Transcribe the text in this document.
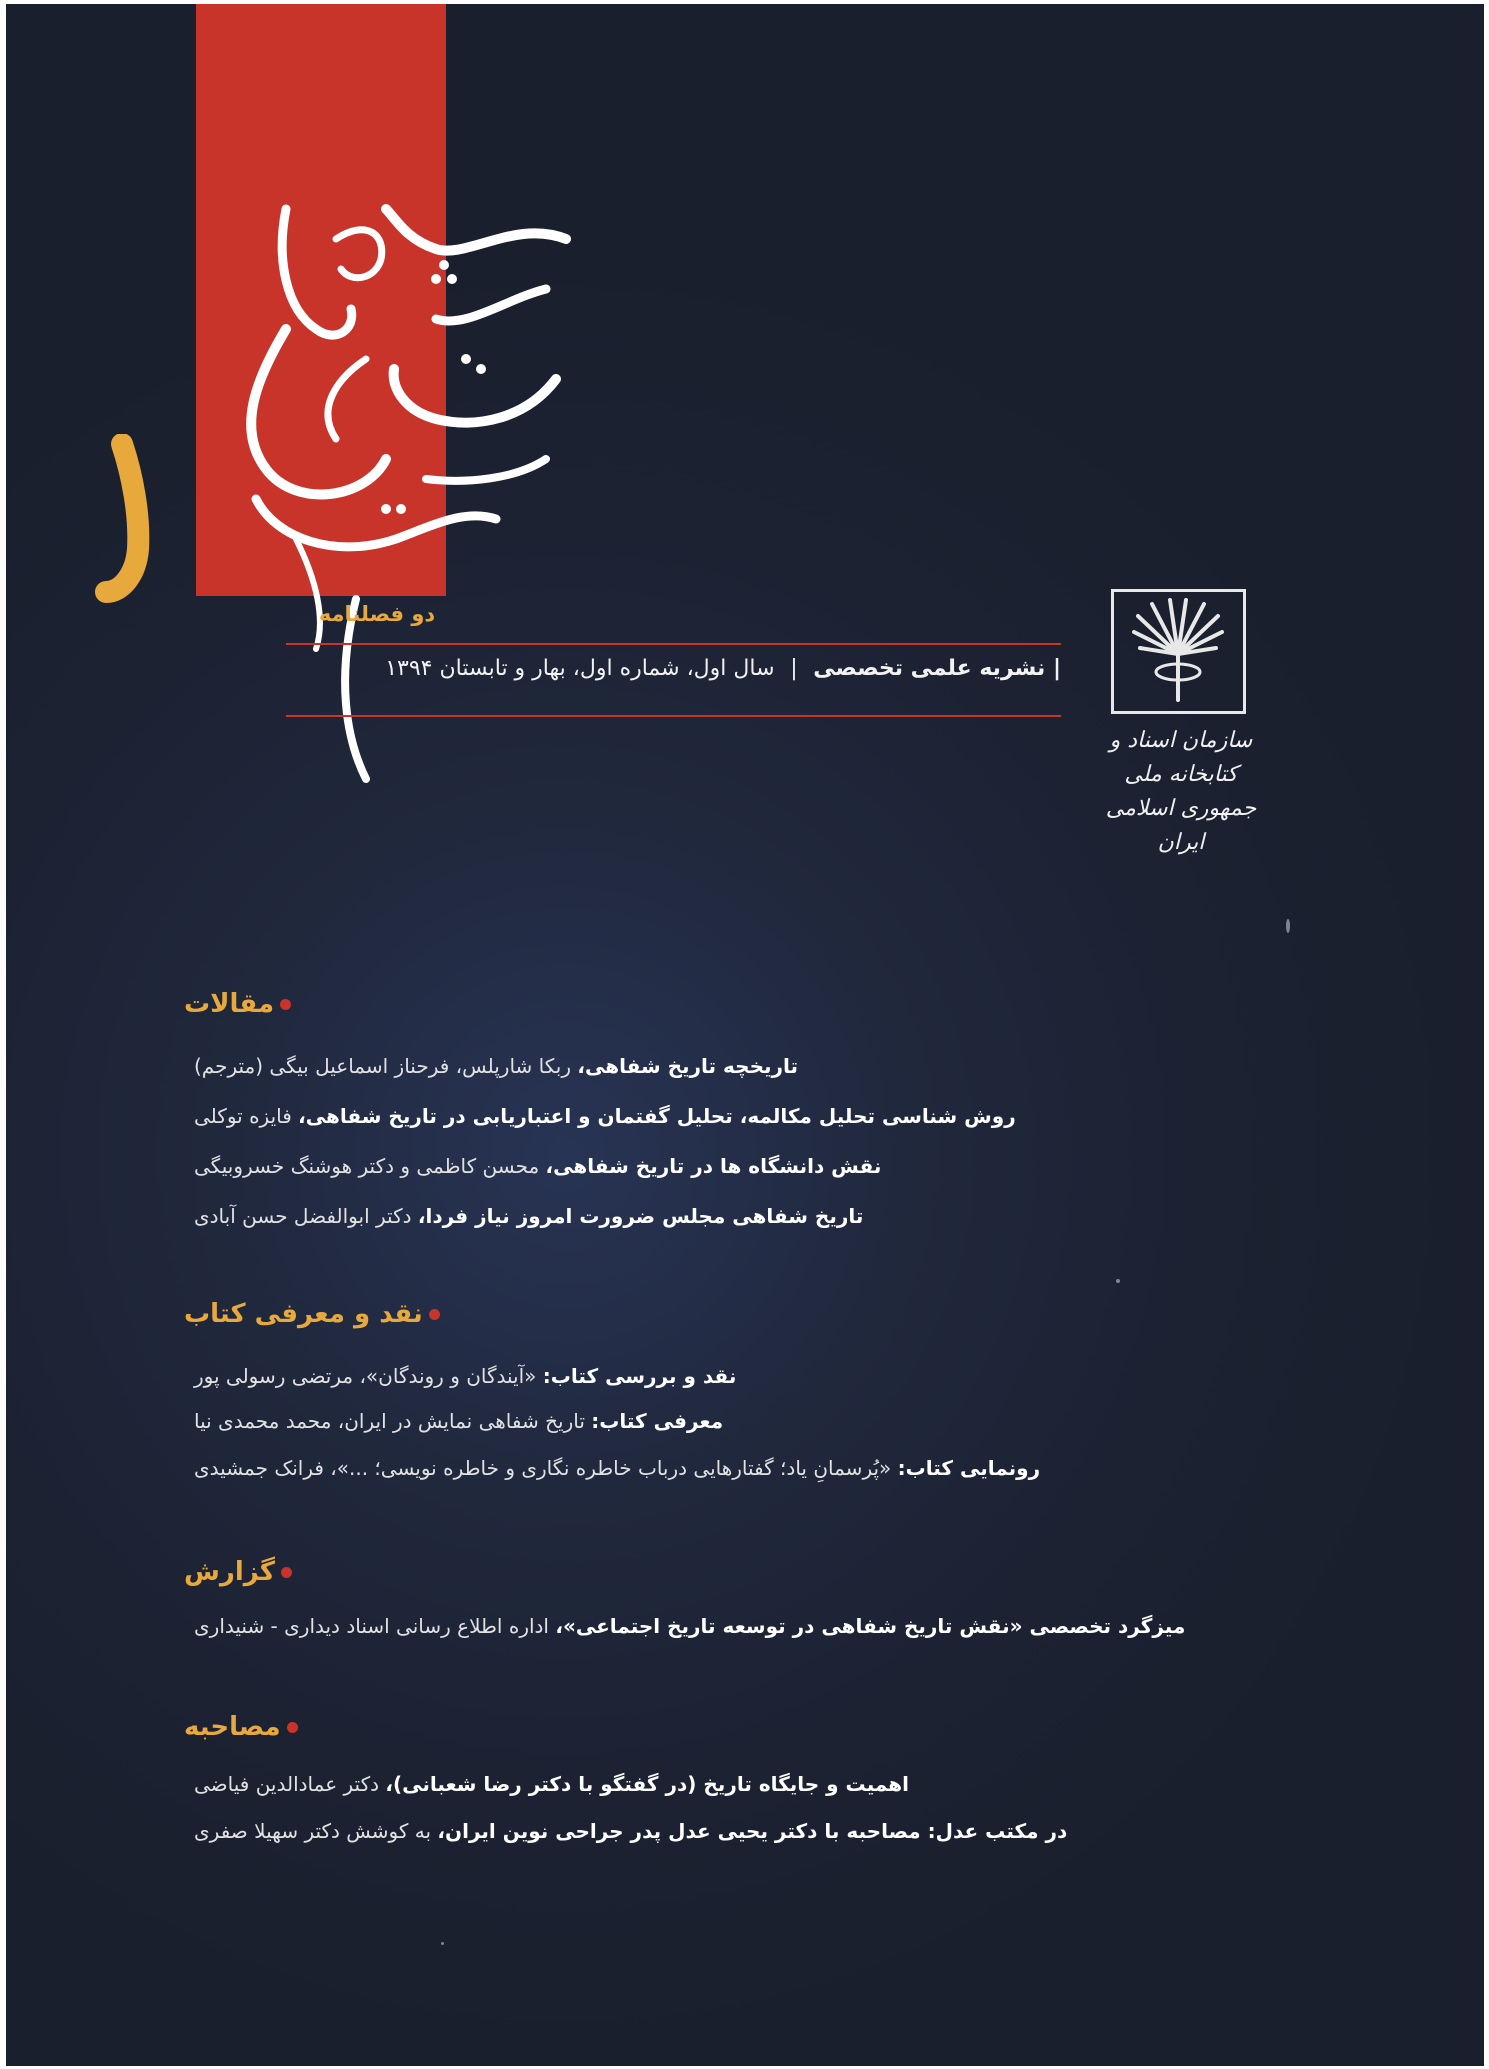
دو فصلنامه
| نشریه علمی تخصصی | سال اول، شماره اول، بهار و تابستان ۱۳۹۴
سازمان اسناد و کتابخانه ملی
جمهوری اسلامی ایران
مقالات
تاریخچه تاریخ شفاهی، ربکا شارپلس، فرحناز اسماعیل بیگی (مترجم)
روش شناسی تحلیل مکالمه، تحلیل گفتمان و اعتباریابی در تاریخ شفاهی، فایزه توکلی
نقش دانشگاه ها در تاریخ شفاهی، محسن کاظمی و دکتر هوشنگ خسروبیگی
تاریخ شفاهی مجلس ضرورت امروز نیاز فردا، دکتر ابوالفضل حسن آبادی
نقد و معرفی کتاب
نقد و بررسی کتاب: «آیندگان و روندگان»، مرتضی رسولی پور
معرفی کتاب: تاریخ شفاهی نمایش در ایران، محمد محمدی نیا
رونمایی کتاب: «پُرسمانِ یاد؛ گفتارهایی درباب خاطره نگاری و خاطره نویسی؛ ...»، فرانک جمشیدی
گزارش
میزگرد تخصصی «نقش تاریخ شفاهی در توسعه تاریخ اجتماعی»، اداره اطلاع رسانی اسناد دیداری - شنیداری
مصاحبه
اهمیت و جایگاه تاریخ (در گفتگو با دکتر رضا شعبانی)، دکتر عمادالدین فیاضی
در مکتب عدل: مصاحبه با دکتر یحیی عدل پدر جراحی نوین ایران، به کوشش دکتر سهیلا صفری
